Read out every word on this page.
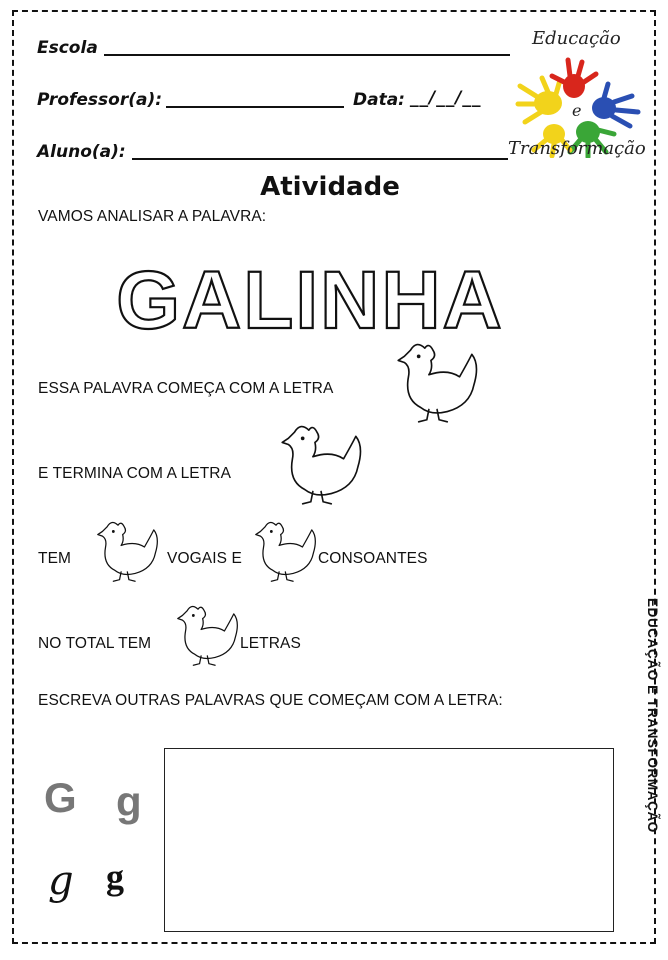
Escola
Professor(a):	Data: __/__/__
Aluno(a):
Educação
e
Transformação
Atividade
VAMOS ANALISAR A PALAVRA:
GALINHA
ESSA PALAVRA COMEÇA COM A LETRA
E TERMINA COM A LETRA
TEM	VOGAIS E	CONSOANTES
NO TOTAL TEM	LETRAS
ESCREVA OUTRAS PALAVRAS QUE COMEÇAM COM A LETRA:
G g
g g
EDUCAÇÃO E TRANSFORMAÇÃO
